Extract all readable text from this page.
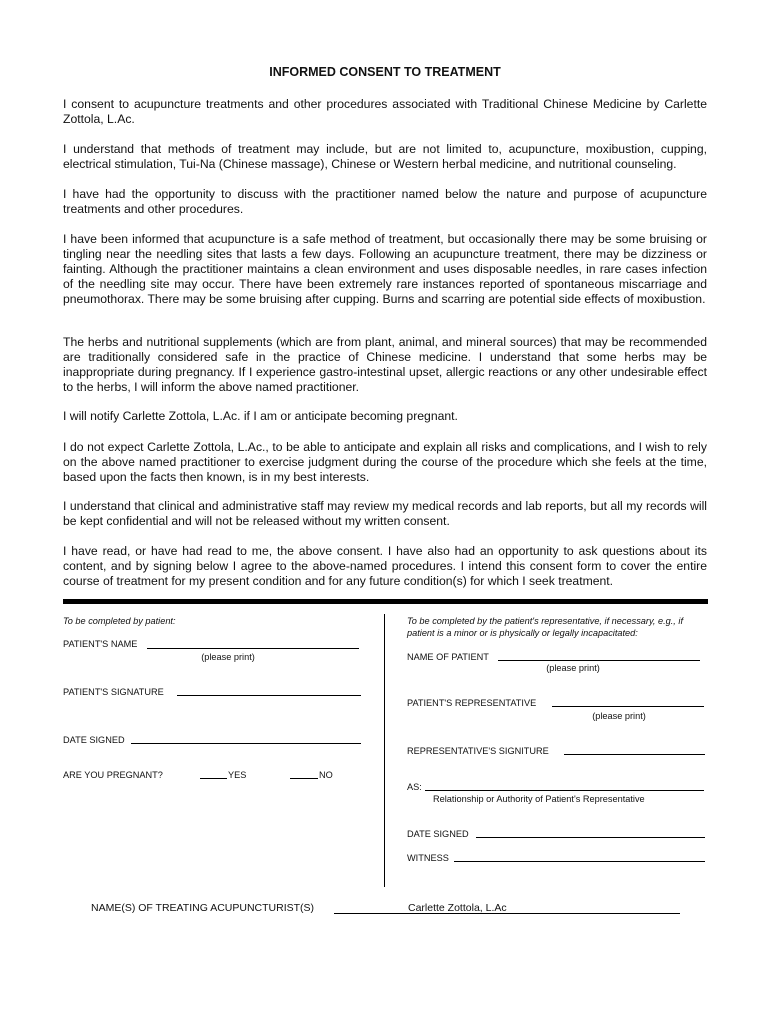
INFORMED CONSENT TO TREATMENT

I consent to acupuncture treatments and other procedures associated with Traditional Chinese Medicine by Carlette Zottola, L.Ac.

I understand that methods of treatment may include, but are not limited to, acupuncture, moxibustion, cupping, electrical stimulation, Tui-Na (Chinese massage), Chinese or Western herbal medicine, and nutritional counseling.

I have had the opportunity to discuss with the practitioner named below the nature and purpose of acupuncture treatments and other procedures.

I have been informed that acupuncture is a safe method of treatment, but occasionally there may be some bruising or tingling near the needling sites that lasts a few days. Following an acupuncture treatment, there may be dizziness or fainting. Although the practitioner maintains a clean environment and uses disposable needles, in rare cases infection of the needling site may occur. There have been extremely rare instances reported of spontaneous miscarriage and pneumothorax. There may be some bruising after cupping. Burns and scarring are potential side effects of moxibustion.

The herbs and nutritional supplements (which are from plant, animal, and mineral sources) that may be recommended are traditionally considered safe in the practice of Chinese medicine. I understand that some herbs may be inappropriate during pregnancy. If I experience gastro-intestinal upset, allergic reactions or any other undesirable effect to the herbs, I will inform the above named practitioner.

I will notify Carlette Zottola, L.Ac. if I am or anticipate becoming pregnant.

I do not expect Carlette Zottola, L.Ac., to be able to anticipate and explain all risks and complications, and I wish to rely on the above named practitioner to exercise judgment during the course of the procedure which she feels at the time, based upon the facts then known, is in my best interests.

I understand that clinical and administrative staff may review my medical records and lab reports, but all my records will be kept confidential and will not be released without my written consent.

I have read, or have had read to me, the above consent. I have also had an opportunity to ask questions about its content, and by signing below I agree to the above-named procedures. I intend this consent form to cover the entire course of treatment for my present condition and for any future condition(s) for which I seek treatment.

To be completed by patient:
PATIENT'S NAME
(please print)
PATIENT'S SIGNATURE
DATE SIGNED
ARE YOU PREGNANT?	YES	NO
To be completed by the patient's representative, if necessary, e.g., if patient is a minor or is physically or legally incapacitated:
NAME OF PATIENT
(please print)
PATIENT'S REPRESENTATIVE
(please print)
REPRESENTATIVE'S SIGNITURE
AS:
Relationship or Authority of Patient's Representative
DATE SIGNED
WITNESS
NAME(S) OF TREATING ACUPUNCTURIST(S)	Carlette Zottola, L.Ac
